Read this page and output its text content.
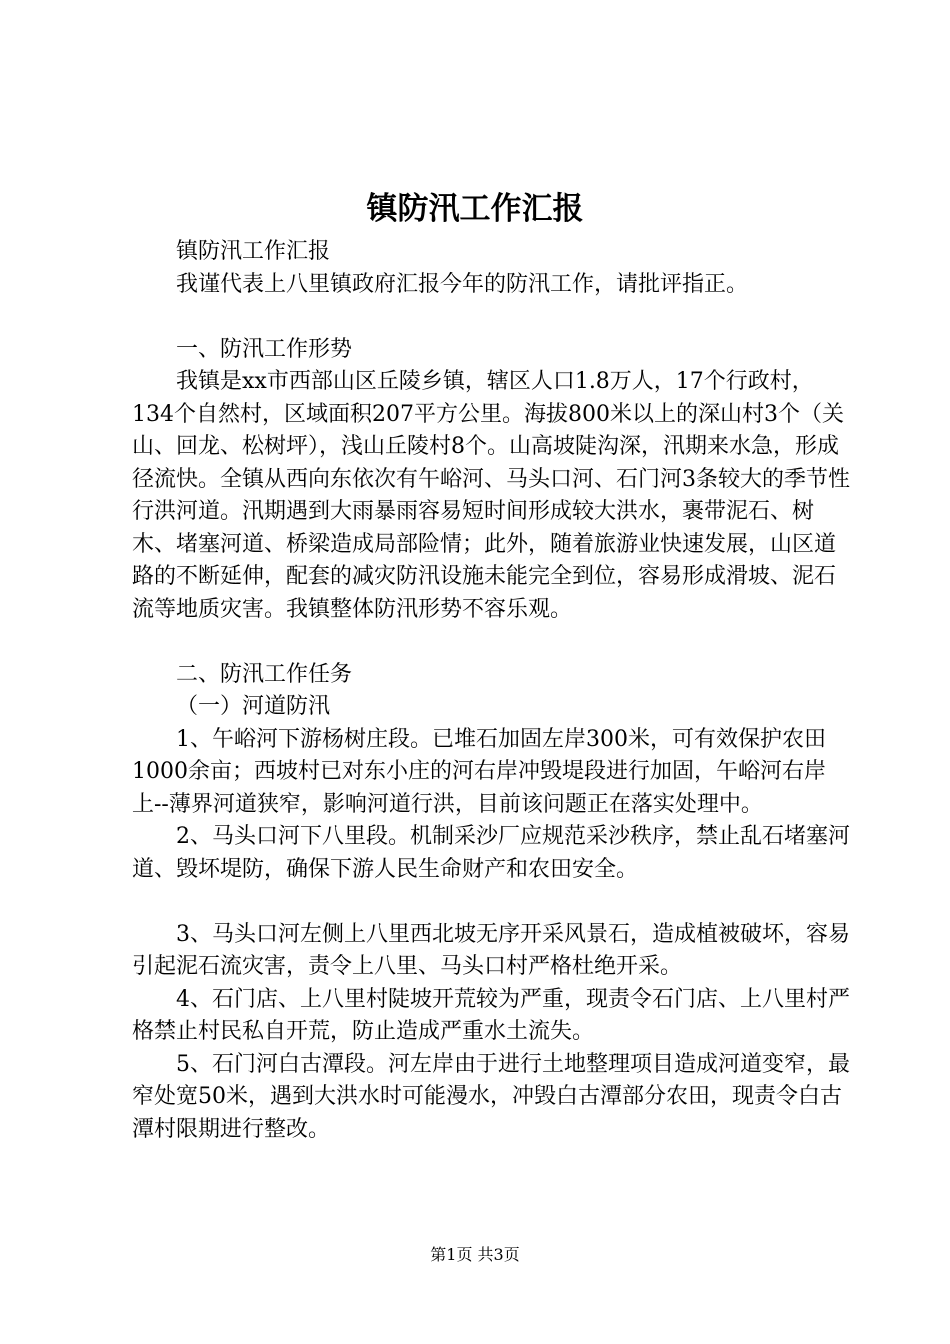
镇防汛工作汇报

镇防汛工作汇报

我谨代表上八里镇政府汇报今年的防汛工作，请批评指正。

一、防汛工作形势

我镇是xx市西部山区丘陵乡镇，辖区人口1.8万人，17个行政村，134个自然村，区域面积207平方公里。海拔800米以上的深山村3个（关山、回龙、松树坪），浅山丘陵村8个。山高坡陡沟深，汛期来水急，形成径流快。全镇从西向东依次有午峪河、马头口河、石门河3条较大的季节性行洪河道。汛期遇到大雨暴雨容易短时间形成较大洪水，裹带泥石、树木、堵塞河道、桥梁造成局部险情；此外，随着旅游业快速发展，山区道路的不断延伸，配套的减灾防汛设施未能完全到位，容易形成滑坡、泥石流等地质灾害。我镇整体防汛形势不容乐观。

二、防汛工作任务

（一）河道防汛

1、午峪河下游杨树庄段。已堆石加固左岸300米，可有效保护农田1000余亩；西坡村已对东小庄的河右岸冲毁堤段进行加固，午峪河右岸上--薄界河道狭窄，影响河道行洪，目前该问题正在落实处理中。

2、马头口河下八里段。机制采沙厂应规范采沙秩序，禁止乱石堵塞河道、毁坏堤防，确保下游人民生命财产和农田安全。

3、马头口河左侧上八里西北坡无序开采风景石，造成植被破坏，容易引起泥石流灾害，责令上八里、马头口村严格杜绝开采。

4、石门店、上八里村陡坡开荒较为严重，现责令石门店、上八里村严格禁止村民私自开荒，防止造成严重水土流失。

5、石门河白古潭段。河左岸由于进行土地整理项目造成河道变窄，最窄处宽50米，遇到大洪水时可能漫水，冲毁白古潭部分农田，现责令白古潭村限期进行整改。

第1页 共3页
